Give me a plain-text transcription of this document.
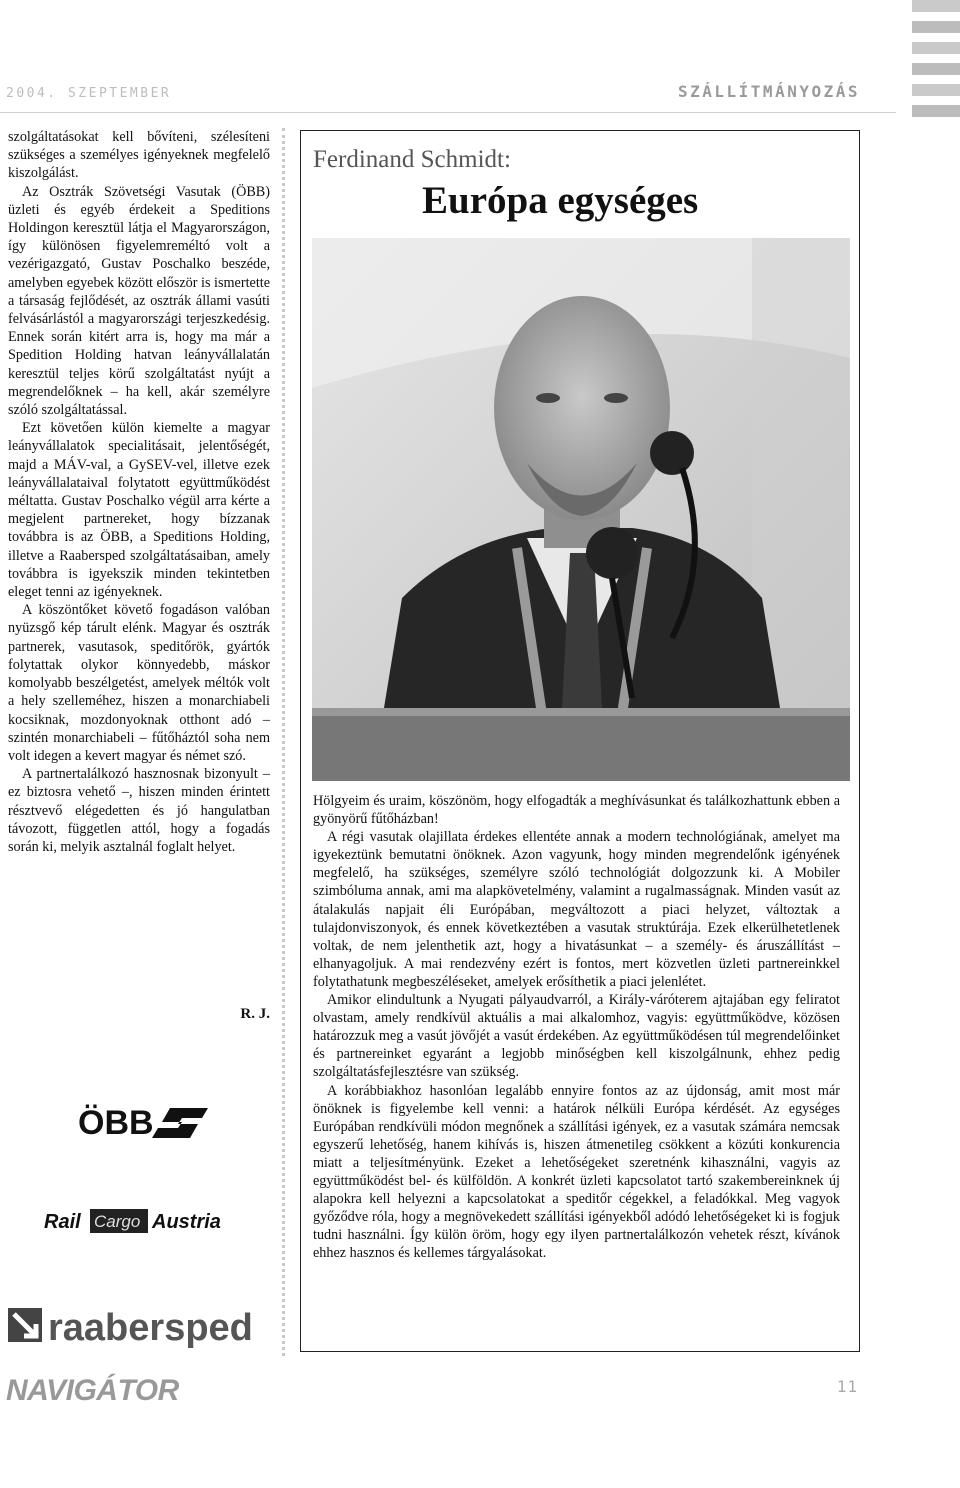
2004. SZEPTEMBER	SZÁLLÍTMÁNYOZÁS

szolgáltatásokat kell bővíteni, szélesíteni szükséges a személyes igényeknek megfelelő kiszolgálást.

Az Osztrák Szövetségi Vasutak (ÖBB) üzleti és egyéb érdekeit a Speditions Holdingon keresztül látja el Magyarországon, így különösen figyelemreméltó volt a vezérigazgató, Gustav Poschalko beszéde, amelyben egyebek között először is ismertette a társaság fejlődését, az osztrák állami vasúti felvásárlástól a magyarországi terjeszkedésig. Ennek során kitért arra is, hogy ma már a Spedition Holding hatvan leányvállalatán keresztül teljes körű szolgáltatást nyújt a megrendelőknek – ha kell, akár személyre szóló szolgáltatással.

Ezt követően külön kiemelte a magyar leányvállalatok specialitásait, jelentőségét, majd a MÁV-val, a GySEV-vel, illetve ezek leányvállalataival folytatott együttműködést méltatta. Gustav Poschalko végül arra kérte a megjelent partnereket, hogy bízzanak továbbra is az ÖBB, a Speditions Holding, illetve a Raabersped szolgáltatásaiban, amely továbbra is igyekszik minden tekintetben eleget tenni az igényeknek.

A köszöntőket követő fogadáson valóban nyüzsgő kép tárult elénk. Magyar és osztrák partnerek, vasutasok, speditőrök, gyártók folytattak olykor könnyedebb, máskor komolyabb beszélgetést, amelyek méltók volt a hely szelleméhez, hiszen a monarchiabeli kocsiknak, mozdonyoknak otthont adó – szintén monarchiabeli – fűtőháztól soha nem volt idegen a kevert magyar és német szó.

A partnertalálkozó hasznosnak bizonyult – ez biztosra vehető –, hiszen minden érintett résztvevő elégedetten és jó hangulatban távozott, független attól, hogy a fogadás során ki, melyik asztalnál foglalt helyet.

R. J.
Ferdinand Schmidt:
Európa egységes

Hölgyeim és uraim, köszönöm, hogy elfogadták a meghívásunkat és találkozhattunk ebben a gyönyörű fűtőházban!

A régi vasutak olajillata érdekes ellentéte annak a modern technológiának, amelyet ma igyekeztünk bemutatni önöknek. Azon vagyunk, hogy minden megrendelőnk igényének megfelelő, ha szükséges, személyre szóló technológiát dolgozzunk ki. A Mobiler szimbóluma annak, ami ma alapkövetelmény, valamint a rugalmasságnak. Minden vasút az átalakulás napjait éli Európában, megváltozott a piaci helyzet, változtak a tulajdonviszonyok, és ennek következtében a vasutak struktúrája. Ezek elkerülhetetlenek voltak, de nem jelenthetik azt, hogy a hivatásunkat – a személy- és áruszállítást – elhanyagoljuk. A mai rendezvény ezért is fontos, mert közvetlen üzleti partnereinkkel folytathatunk megbeszéléseket, amelyek erősíthetik a piaci jelenlétet.

Amikor elindultunk a Nyugati pályaudvarról, a Király-váróterem ajtajában egy feliratot olvastam, amely rendkívül aktuális a mai alkalomhoz, vagyis: együttműködve, közösen határozzuk meg a vasút jövőjét a vasút érdekében. Az együttműködésen túl megrendelőinket és partnereinket egyaránt a legjobb minőségben kell kiszolgálnunk, ehhez pedig szolgáltatásfejlesztésre van szükség.

A korábbiakhoz hasonlóan legalább ennyire fontos az az újdonság, amit most már önöknek is figyelembe kell venni: a határok nélküli Európa kérdését. Az egységes Európában rendkívüli módon megnőnek a szállítási igények, ez a vasutak számára nemcsak egyszerű lehetőség, hanem kihívás is, hiszen átmenetileg csökkent a közúti konkurencia miatt a teljesítményünk. Ezeket a lehetőségeket szeretnénk kihasználni, vagyis az együttműködést bel- és külföldön. A konkrét üzleti kapcsolatot tartó szakembereinknek új alapokra kell helyezni a kapcsolatokat a speditőr cégekkel, a feladókkal. Meg vagyok győződve róla, hogy a megnövekedett szállítási igényekből adódó lehetőségeket ki is fogjuk tudni használni. Így külön öröm, hogy egy ilyen partnertalálkozón vehetek részt, kívánok ehhez hasznos és kellemes tárgyalásokat.

ÖBB
Rail Cargo Austria
raabersped
NAVIGÁTOR	11
